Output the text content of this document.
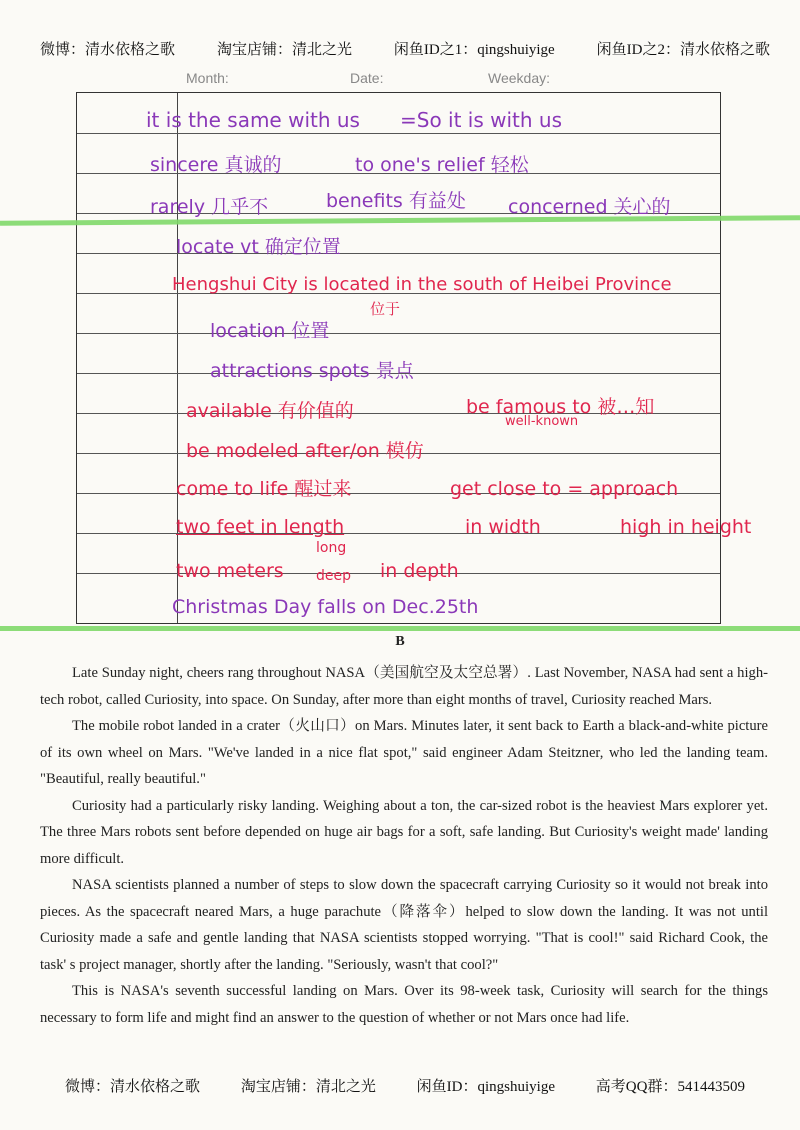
微博：清水依格之歌	淘宝店铺：清北之光	闲鱼ID之1：qingshuiyige	闲鱼ID之2：清水依格之歌
Month:	Date:	Weekday:
it is the same with us =So it is with us
sincere 真诚的	to one's relief 轻松
rarely 几乎不	benefits 有益处 concerned 关心的
locate vt 确定位置
Hengshui City is located in the south of Heibei Province
位于
location 位置
attractions spots 景点
available 有价值的	be famous to 被…知
well-known
be modeled after/on 模仿
come to life 醒过来	get close to = approach
two feet in length	in width	high in height
two meters
long
deep in depth
Christmas Day falls on Dec.25th
B

Late Sunday night, cheers rang throughout NASA（美国航空及太空总署）. Last November, NASA had sent a high-tech robot, called Curiosity, into space. On Sunday, after more than eight months of travel, Curiosity reached Mars.

The mobile robot landed in a crater（火山口）on Mars. Minutes later, it sent back to Earth a black-and-white picture of its own wheel on Mars. "We've landed in a nice flat spot," said engineer Adam Steitzner, who led the landing team. "Beautiful, really beautiful."

Curiosity had a particularly risky landing. Weighing about a ton, the car-sized robot is the heaviest Mars explorer yet. The three Mars robots sent before depended on huge air bags for a soft, safe landing. But Curiosity's weight made' landing more difficult.

NASA scientists planned a number of steps to slow down the spacecraft carrying Curiosity so it would not break into pieces. As the spacecraft neared Mars, a huge parachute（降落伞）helped to slow down the landing. It was not until Curiosity made a safe and gentle landing that NASA scientists stopped worrying. "That is cool!" said Richard Cook, the task' s project manager, shortly after the landing. "Seriously, wasn't that cool?"

This is NASA's seventh successful landing on Mars. Over its 98-week task, Curiosity will search for the things necessary to form life and might find an answer to the question of whether or not Mars once had life.

微博：清水依格之歌	淘宝店铺：清北之光	闲鱼ID：qingshuiyige	高考QQ群：541443509
